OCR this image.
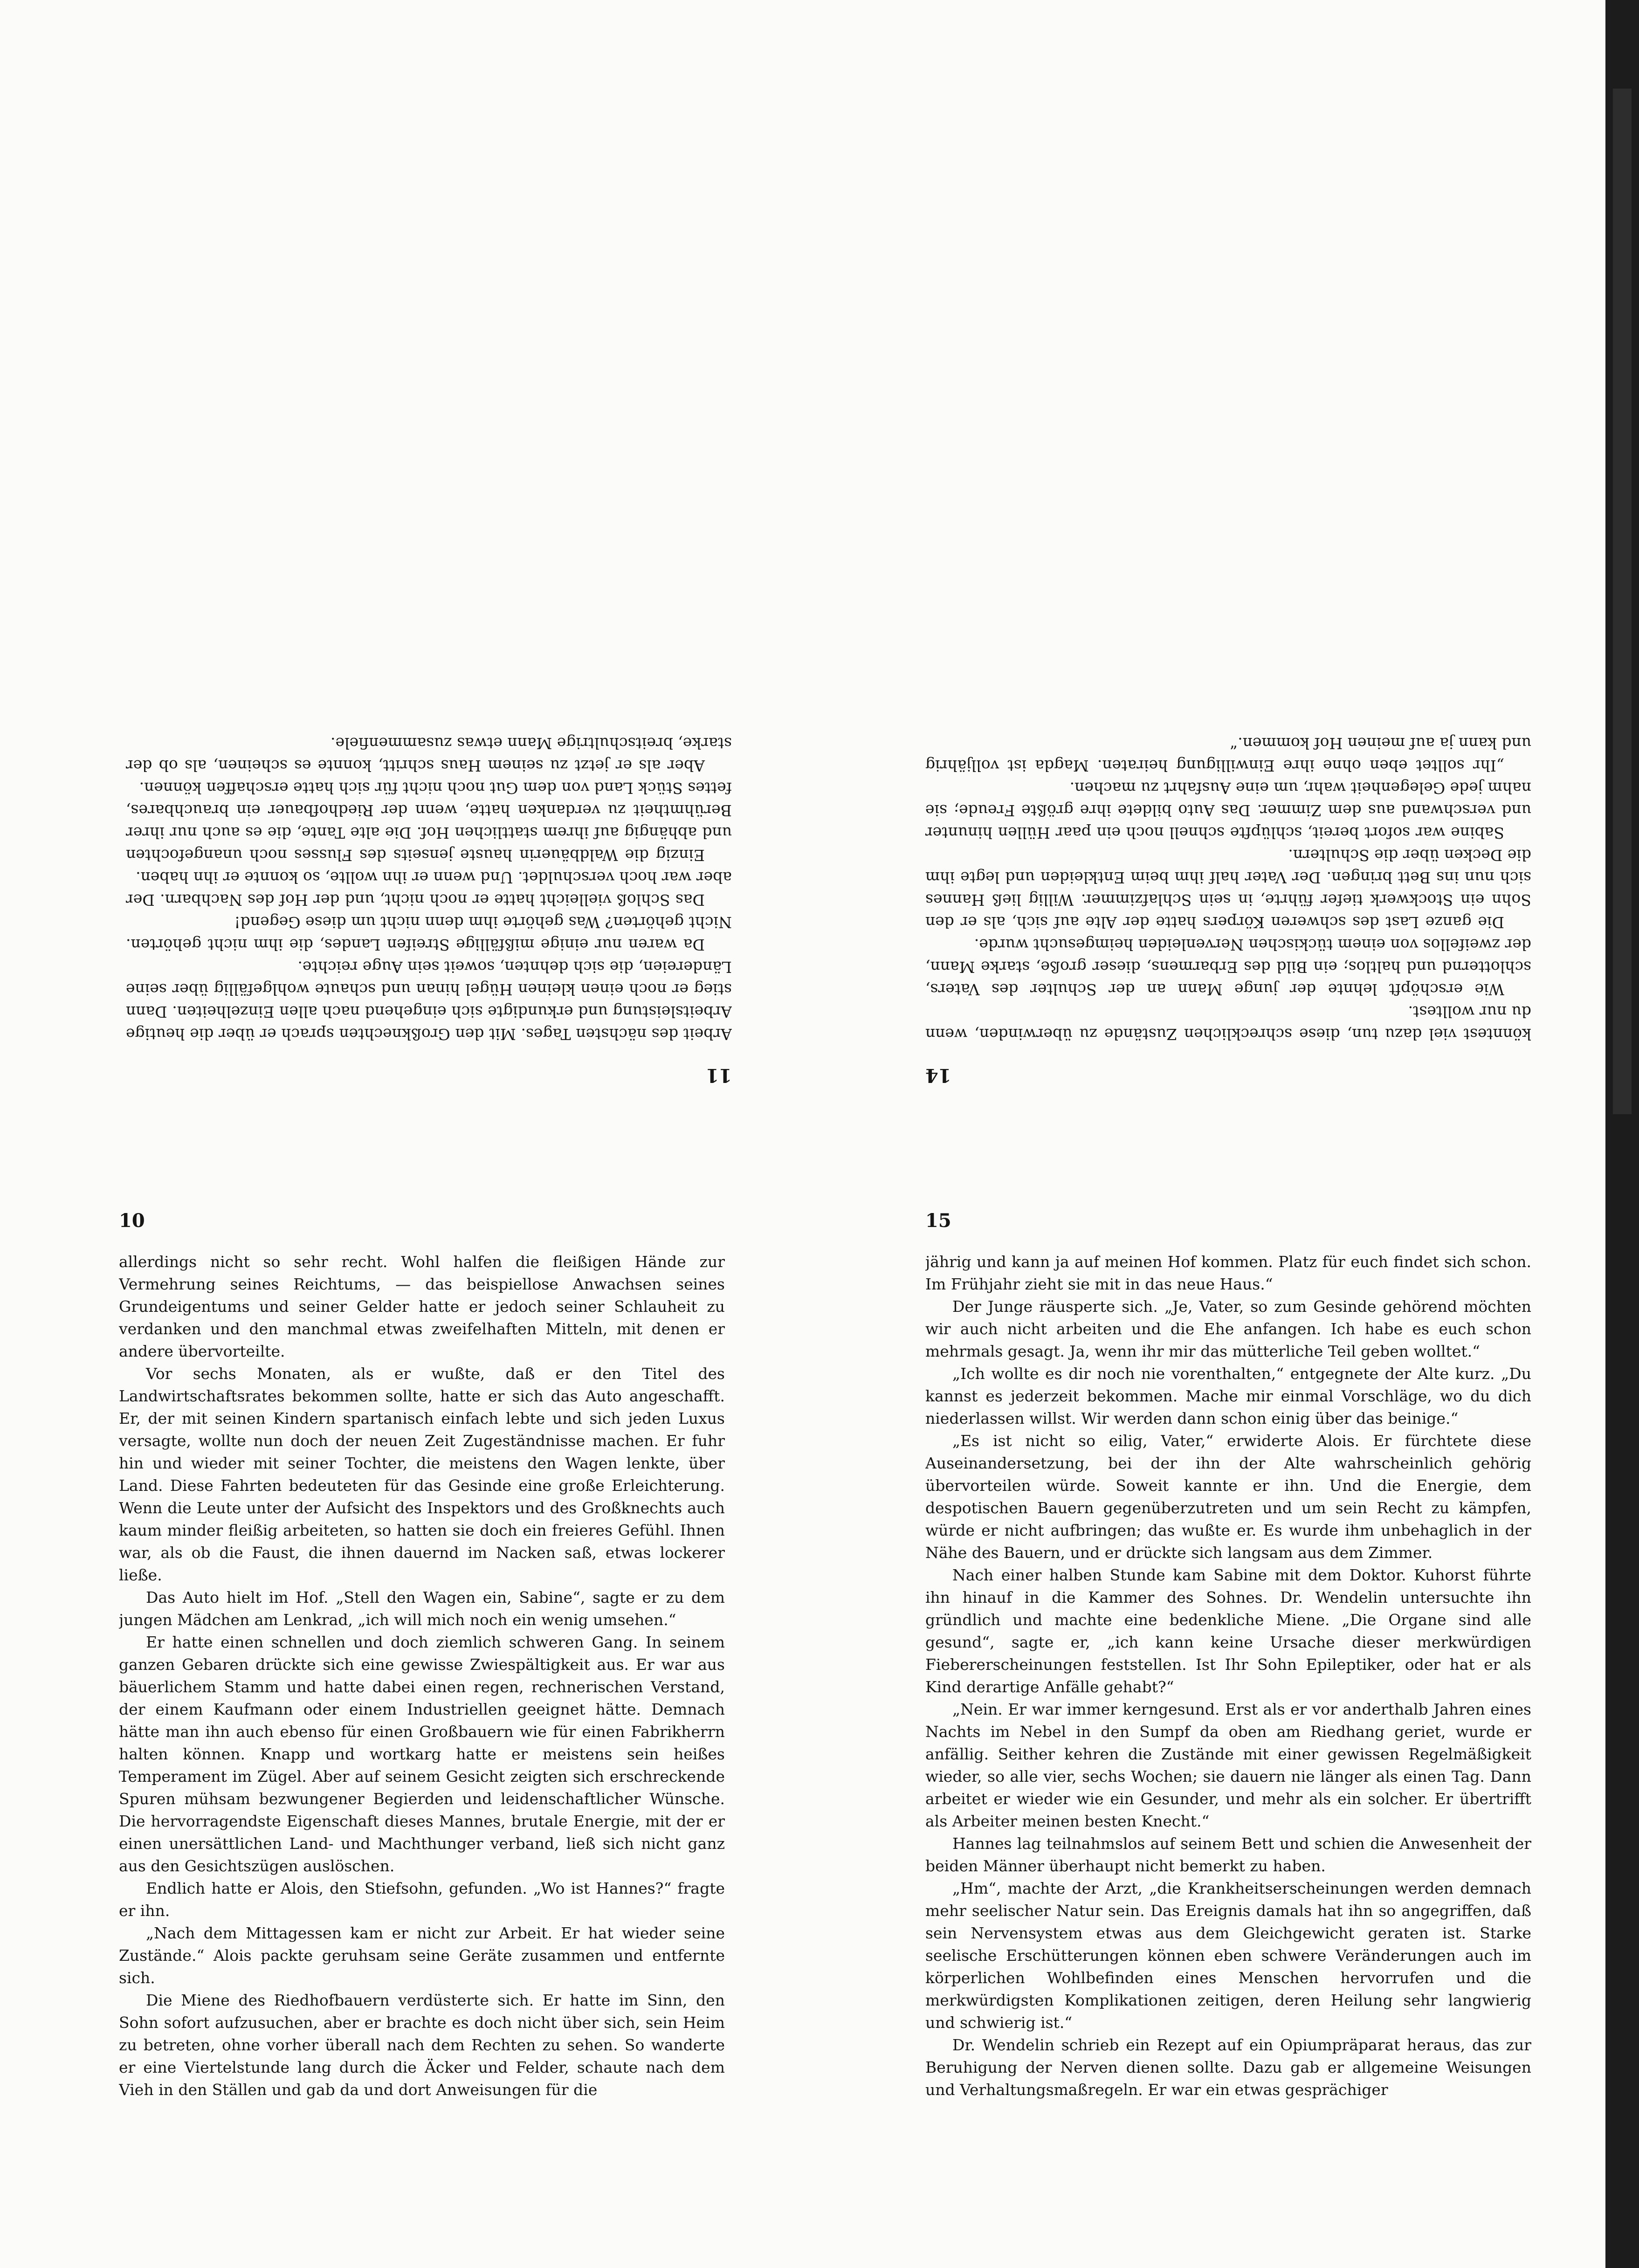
11

Arbeit des nächsten Tages. Mit den Großknechten sprach er über die heutige Arbeitsleistung und erkundigte sich eingehend nach allen Einzelheiten. Dann stieg er noch einen kleinen Hügel hinan und schaute wohlgefällig über seine Ländereien, die sich dehnten, soweit sein Auge reichte.

Da waren nur einige mißfällige Streifen Landes, die ihm nicht gehörten. Nicht gehörten? Was gehörte ihm denn nicht um diese Gegend!

Das Schloß vielleicht hatte er noch nicht, und der Hof des Nachbarn. Der aber war hoch verschuldet. Und wenn er ihn wollte, so konnte er ihn haben.

Einzig die Waldbäuerin hauste jenseits des Flusses noch unangefochten und abhängig auf ihrem stattlichen Hof. Die alte Tante, die es auch nur ihrer Berühmtheit zu verdanken hatte, wenn der Riedhofbauer ein brauchbares, fettes Stück Land von dem Gut noch nicht für sich hatte erschaffen können.

Aber als er jetzt zu seinem Haus schritt, konnte es scheinen, als ob der starke, breitschultrige Mann etwas zusammenfiele.

14

könntest viel dazu tun, diese schrecklichen Zustände zu überwinden, wenn du nur wolltest.

Wie erschöpft lehnte der junge Mann an der Schulter des Vaters, schlotternd und haltlos; ein Bild des Erbarmens, dieser große, starke Mann, der zweifellos von einem tückischen Nervenleiden heimgesucht wurde.

Die ganze Last des schweren Körpers hatte der Alte auf sich, als er den Sohn ein Stockwerk tiefer führte, in sein Schlafzimmer. Willig ließ Hannes sich nun ins Bett bringen. Der Vater half ihm beim Entkleiden und legte ihm die Decken über die Schultern.

Sabine war sofort bereit, schlüpfte schnell noch ein paar Hüllen hinunter und verschwand aus dem Zimmer. Das Auto bildete ihre größte Freude; sie nahm jede Gelegenheit wahr, um eine Ausfahrt zu machen.

„Ihr solltet eben ohne ihre Einwilligung heiraten. Magda ist volljährig und kann ja auf meinen Hof kommen.“

10

allerdings nicht so sehr recht. Wohl halfen die fleißigen Hände zur Vermehrung seines Reichtums, — das beispiellose Anwachsen seines Grundeigentums und seiner Gelder hatte er jedoch seiner Schlauheit zu verdanken und den manchmal etwas zweifelhaften Mitteln, mit denen er andere übervorteilte.

Vor sechs Monaten, als er wußte, daß er den Titel des Landwirtschaftsrates bekommen sollte, hatte er sich das Auto angeschafft. Er, der mit seinen Kindern spartanisch einfach lebte und sich jeden Luxus versagte, wollte nun doch der neuen Zeit Zugeständnisse machen. Er fuhr hin und wieder mit seiner Tochter, die meistens den Wagen lenkte, über Land. Diese Fahrten bedeuteten für das Gesinde eine große Erleichterung. Wenn die Leute unter der Aufsicht des Inspektors und des Großknechts auch kaum minder fleißig arbeiteten, so hatten sie doch ein freieres Gefühl. Ihnen war, als ob die Faust, die ihnen dauernd im Nacken saß, etwas lockerer ließe.

Das Auto hielt im Hof. „Stell den Wagen ein, Sabine“, sagte er zu dem jungen Mädchen am Lenkrad, „ich will mich noch ein wenig umsehen.“

Er hatte einen schnellen und doch ziemlich schweren Gang. In seinem ganzen Gebaren drückte sich eine gewisse Zwiespältigkeit aus. Er war aus bäuerlichem Stamm und hatte dabei einen regen, rechnerischen Verstand, der einem Kaufmann oder einem Industriellen geeignet hätte. Demnach hätte man ihn auch ebenso für einen Großbauern wie für einen Fabrikherrn halten können. Knapp und wortkarg hatte er meistens sein heißes Temperament im Zügel. Aber auf seinem Gesicht zeigten sich erschreckende Spuren mühsam bezwungener Begierden und leidenschaftlicher Wünsche. Die hervorragendste Eigenschaft dieses Mannes, brutale Energie, mit der er einen unersättlichen Land- und Machthunger verband, ließ sich nicht ganz aus den Gesichtszügen auslöschen.

Endlich hatte er Alois, den Stiefsohn, gefunden. „Wo ist Hannes?“ fragte er ihn.

„Nach dem Mittagessen kam er nicht zur Arbeit. Er hat wieder seine Zustände.“ Alois packte geruhsam seine Geräte zusammen und entfernte sich.

Die Miene des Riedhofbauern verdüsterte sich. Er hatte im Sinn, den Sohn sofort aufzusuchen, aber er brachte es doch nicht über sich, sein Heim zu betreten, ohne vorher überall nach dem Rechten zu sehen. So wanderte er eine Viertelstunde lang durch die Äcker und Felder, schaute nach dem Vieh in den Ställen und gab da und dort Anweisungen für die

15

jährig und kann ja auf meinen Hof kommen. Platz für euch findet sich schon. Im Frühjahr zieht sie mit in das neue Haus.“

Der Junge räusperte sich. „Je, Vater, so zum Gesinde gehörend möchten wir auch nicht arbeiten und die Ehe anfangen. Ich habe es euch schon mehrmals gesagt. Ja, wenn ihr mir das mütterliche Teil geben wolltet.“

„Ich wollte es dir noch nie vorenthalten,“ entgegnete der Alte kurz. „Du kannst es jederzeit bekommen. Mache mir einmal Vorschläge, wo du dich niederlassen willst. Wir werden dann schon einig über das beinige.“

„Es ist nicht so eilig, Vater,“ erwiderte Alois. Er fürchtete diese Auseinandersetzung, bei der ihn der Alte wahrscheinlich gehörig übervorteilen würde. Soweit kannte er ihn. Und die Energie, dem despotischen Bauern gegenüberzutreten und um sein Recht zu kämpfen, würde er nicht aufbringen; das wußte er. Es wurde ihm unbehaglich in der Nähe des Bauern, und er drückte sich langsam aus dem Zimmer.

Nach einer halben Stunde kam Sabine mit dem Doktor. Kuhorst führte ihn hinauf in die Kammer des Sohnes. Dr. Wendelin untersuchte ihn gründlich und machte eine bedenkliche Miene. „Die Organe sind alle gesund“, sagte er, „ich kann keine Ursache dieser merkwürdigen Fiebererscheinungen feststellen. Ist Ihr Sohn Epileptiker, oder hat er als Kind derartige Anfälle gehabt?“

„Nein. Er war immer kerngesund. Erst als er vor anderthalb Jahren eines Nachts im Nebel in den Sumpf da oben am Riedhang geriet, wurde er anfällig. Seither kehren die Zustände mit einer gewissen Regelmäßigkeit wieder, so alle vier, sechs Wochen; sie dauern nie länger als einen Tag. Dann arbeitet er wieder wie ein Gesunder, und mehr als ein solcher. Er übertrifft als Arbeiter meinen besten Knecht.“

Hannes lag teilnahmslos auf seinem Bett und schien die Anwesenheit der beiden Männer überhaupt nicht bemerkt zu haben.

„Hm“, machte der Arzt, „die Krankheitserscheinungen werden demnach mehr seelischer Natur sein. Das Ereignis damals hat ihn so angegriffen, daß sein Nervensystem etwas aus dem Gleichgewicht geraten ist. Starke seelische Erschütterungen können eben schwere Veränderungen auch im körperlichen Wohlbefinden eines Menschen hervorrufen und die merkwürdigsten Komplikationen zeitigen, deren Heilung sehr langwierig und schwierig ist.“

Dr. Wendelin schrieb ein Rezept auf ein Opiumpräparat heraus, das zur Beruhigung der Nerven dienen sollte. Dazu gab er allgemeine Weisungen und Verhaltungsmaßregeln. Er war ein etwas gesprächiger
